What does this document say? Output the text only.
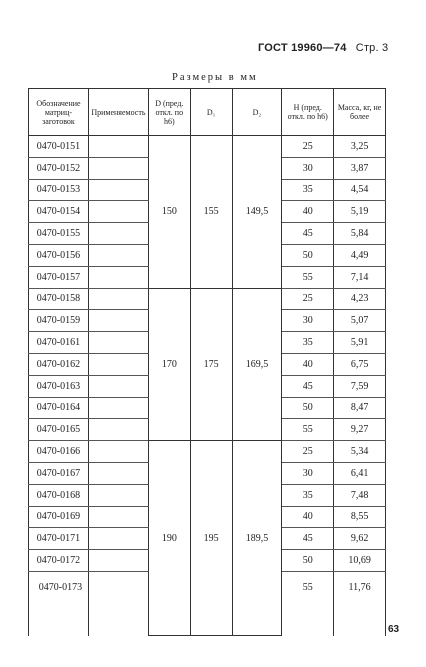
ГОСТ 19960—74 Стр. 3
Размеры в мм
Обозначение матриц-заготовок	Применяемость	D (пред. откл. по h6)	D₁	D₂	H (пред. откл. по h6)	Масса, кг, не более
0470-0151		150	155	149,5	25	3,25
0470-0152					30	3,87
0470-0153					35	4,54
0470-0154					40	5,19
0470-0155					45	5,84
0470-0156					50	4,49
0470-0157					55	7,14
0470-0158		170	175	169,5	25	4,23
0470-0159					30	5,07
0470-0161					35	5,91
0470-0162					40	6,75
0470-0163					45	7,59
0470-0164					50	8,47
0470-0165					55	9,27
0470-0166		190	195	189,5	25	5,34
0470-0167					30	6,41
0470-0168					35	7,48
0470-0169					40	8,55
0470-0171					45	9,62
0470-0172					50	10,69
0470-0173					55	11,76
63
